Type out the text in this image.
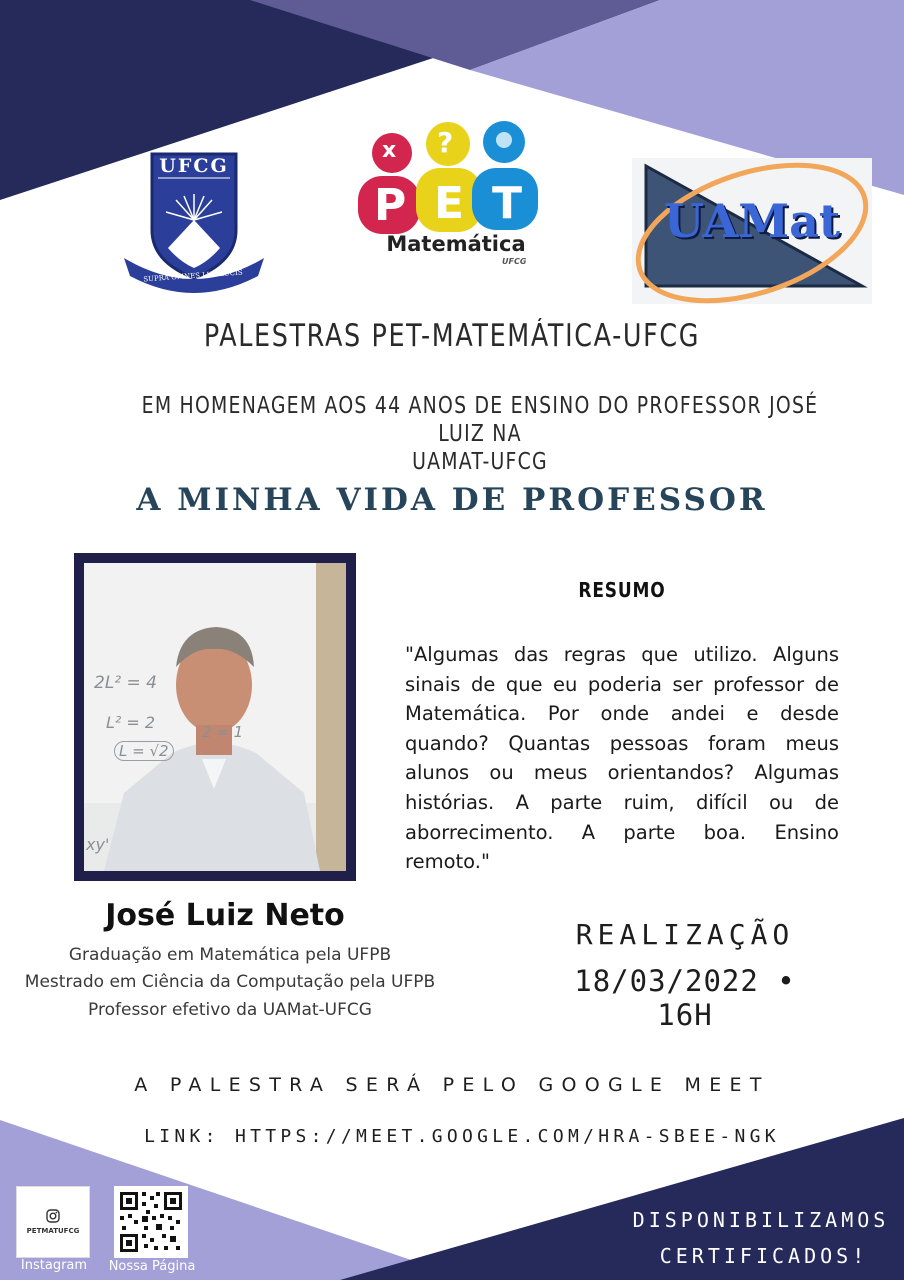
UFCG
SUPRA OMNES LUX LUCIS
x ?
P E T
Matemática
UFCG
UAMat
PALESTRAS PET-MATEMÁTICA-UFCG
EM HOMENAGEM AOS 44 ANOS DE ENSINO DO PROFESSOR JOSÉ LUIZ NA
UAMAT-UFCG
A MINHA VIDA DE PROFESSOR
2L² = 4
L² = 2
L = √2
2 = 1
xy'
RESUMO
"Algumas das regras que utilizo. Alguns sinais de que eu poderia ser professor de Matemática. Por onde andei e desde quando? Quantas pessoas foram meus alunos ou meus orientandos? Algumas histórias. A parte ruim, difícil ou de aborrecimento. A parte boa. Ensino remoto."
José Luiz Neto
Graduação em Matemática pela UFPB
Mestrado em Ciência da Computação pela UFPB
Professor efetivo da UAMat-UFCG
REALIZAÇÃO
18/03/2022 • 16H
A PALESTRA SERÁ PELO GOOGLE MEET
LINK: HTTPS://MEET.GOOGLE.COM/HRA-SBEE-NGK
PETMATUFCG
Instagram	Nossa Página
DISPONIBILIZAMOS
CERTIFICADOS!
